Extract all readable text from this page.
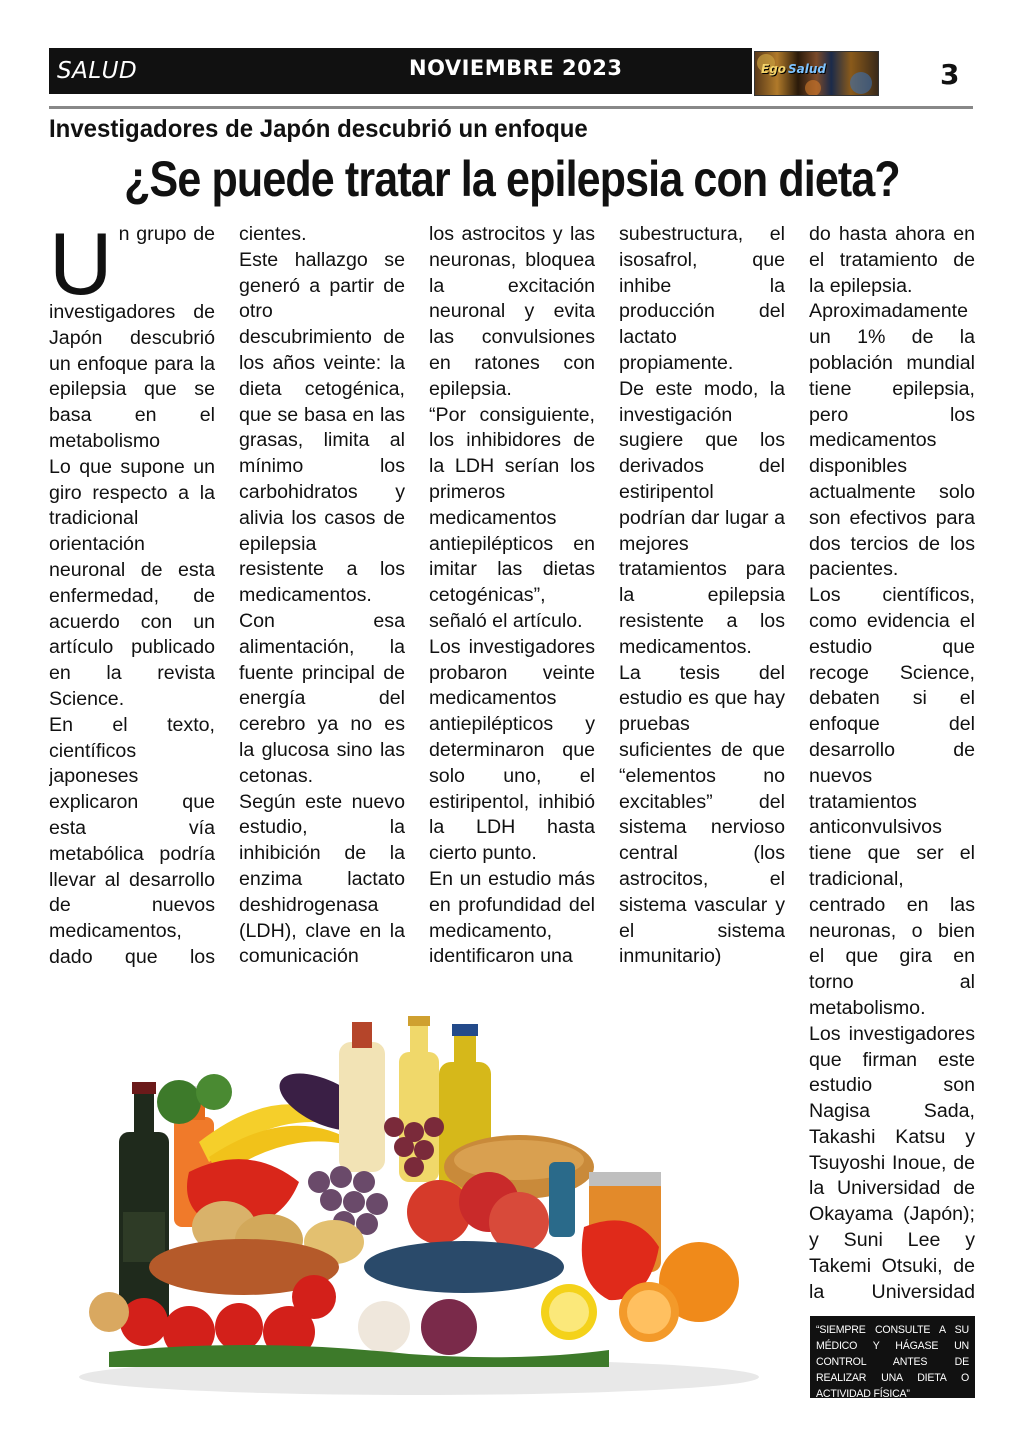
SALUD	NOVIEMBRE 2023	Ego Salud	3
Investigadores de Japón descubrió un enfoque
¿Se puede tratar la epilepsia con dieta?
U n grupo de investigadores de Japón descubrió un enfoque para la epilepsia que se basa en el metabolismo

Lo que supone un giro respecto a la tradicional orientación neuronal de esta enfermedad, de acuerdo con un artículo publicado en la revista Science.

En el texto, científicos japoneses explicaron que esta vía metabólica podría llevar al desarrollo de nuevos medicamentos, dado que los

cientes.

Este hallazgo se generó a partir de otro descubrimiento de los años veinte: la dieta cetogénica, que se basa en las grasas, limita al mínimo los carbohidratos y alivia los casos de epilepsia resistente a los medicamentos. Con esa alimentación, la fuente principal de energía del cerebro ya no es la glucosa sino las cetonas.

Según este nuevo estudio, la inhibición de la enzima lactato deshidrogenasa (LDH), clave en la comunicación

los astrocitos y las neuronas, bloquea la excitación neuronal y evita las convulsiones en ratones con epilepsia.

“Por consiguiente, los inhibidores de la LDH serían los primeros medicamentos antiepilépticos en imitar las dietas cetogénicas”, señaló el artículo.

Los investigadores probaron veinte medicamentos antiepilépticos y determinaron que solo uno, el estiripentol, inhibió la LDH hasta cierto punto.

En un estudio más en profundidad del medicamento, identificaron una

subestructura, el isosafrol, que inhibe la producción del lactato propiamente.

De este modo, la investigación sugiere que los derivados del estiripentol podrían dar lugar a mejores tratamientos para la epilepsia resistente a los medicamentos.

La tesis del estudio es que hay pruebas suficientes de que “elementos no excitables” del sistema nervioso central (los astrocitos, el sistema vascular y el sistema inmunitario)

do hasta ahora en el tratamiento de la epilepsia.

Aproximadamente un 1% de la población mundial tiene epilepsia, pero los medicamentos disponibles actualmente solo son efectivos para dos tercios de los pacientes.

Los científicos, como evidencia el estudio que recoge Science, debaten si el enfoque del desarrollo de nuevos tratamientos anticonvulsivos tiene que ser el tradicional, centrado en las neuronas, o bien el que gira en torno al metabolismo.

Los investigadores que firman este estudio son Nagisa Sada, Takashi Katsu y Tsuyoshi Inoue, de la Universidad de Okayama (Japón); y Suni Lee y Takemi Otsuki, de la Universidad

“SIEMPRE CONSULTE A SU MÉDICO Y HÁGASE UN CONTROL ANTES DE REALIZAR UNA DIETA O ACTIVIDAD FÍSICA”
